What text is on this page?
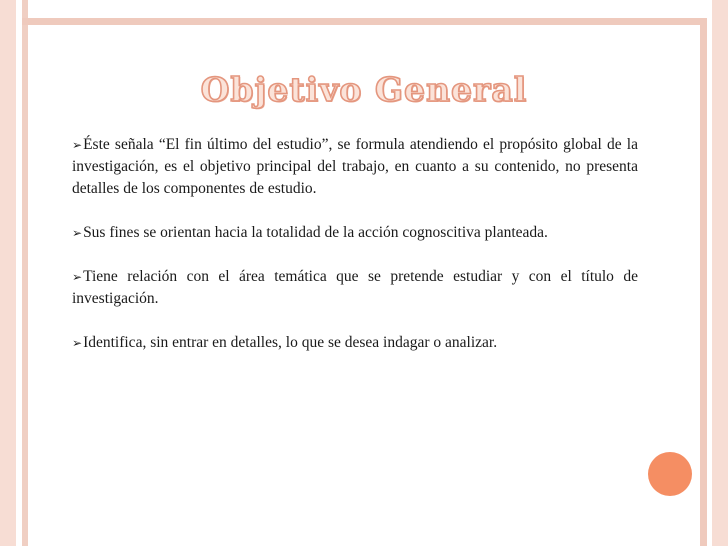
Objetivo General

➢Éste señala “El fin último del estudio”, se formula atendiendo el propósito global de la investigación, es el objetivo principal del trabajo, en cuanto a su contenido, no presenta detalles de los componentes de estudio.

➢Sus fines se orientan hacia la totalidad de la acción cognoscitiva planteada.

➢Tiene relación con el área temática que se pretende estudiar y con el título de investigación.

➢Identifica, sin entrar en detalles, lo que se desea indagar o analizar.
